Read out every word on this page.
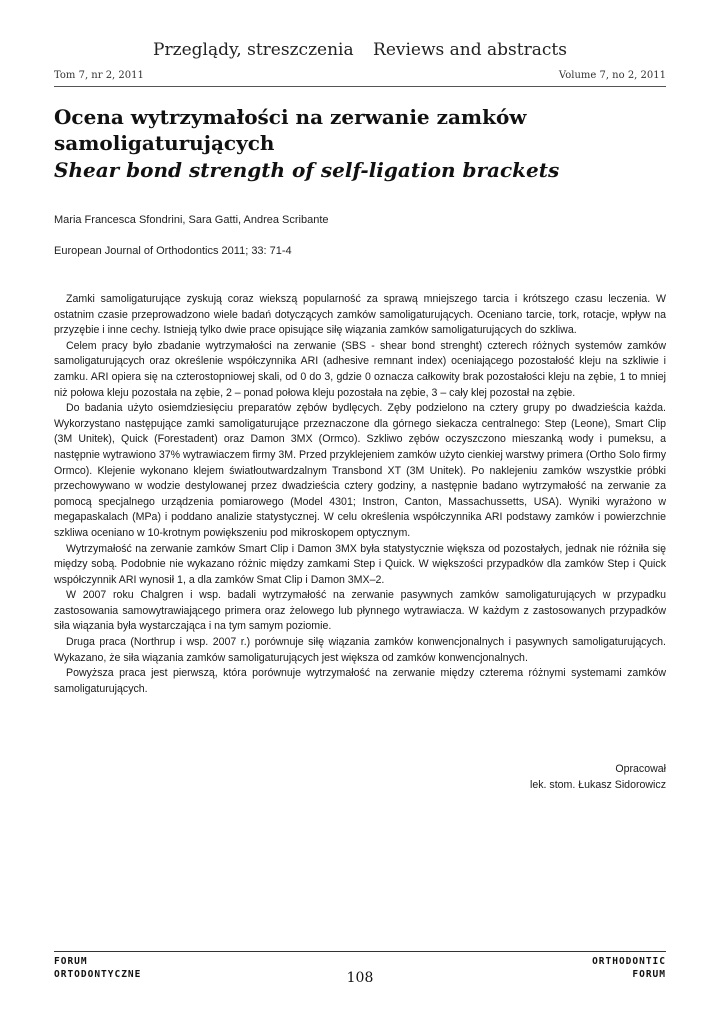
Przeglądy, streszczenia Reviews and abstracts
Tom 7, nr 2, 2011	Volume 7, no 2, 2011
Ocena wytrzymałości na zerwanie zamków
samoligaturujących
Shear bond strength of self-ligation brackets
Maria Francesca Sfondrini, Sara Gatti, Andrea Scribante
European Journal of Orthodontics 2011; 33: 71-4

Zamki samoligaturujące zyskują coraz wiekszą popularność za sprawą mniejszego tarcia i krótszego czasu leczenia. W ostatnim czasie przeprowadzono wiele badań dotyczących zamków samoligaturujących. Oceniano tarcie, tork, rotacje, wpływ na przyzębie i inne cechy. Istnieją tylko dwie prace opisujące siłę wiązania zamków samoligaturujących do szkliwa.

Celem pracy było zbadanie wytrzymałości na zerwanie (SBS - shear bond strenght) czterech różnych systemów zamków samoligaturujących oraz określenie współczynnika ARI (adhesive remnant index) oceniającego pozostałość kleju na szkliwie i zamku. ARI opiera się na czterostopniowej skali, od 0 do 3, gdzie 0 oznacza całkowity brak pozostałości kleju na zębie, 1 to mniej niż połowa kleju pozostała na zębie, 2 – ponad połowa kleju pozostała na zębie, 3 – cały klej pozostał na zębie.

Do badania użyto osiemdziesięciu preparatów zębów bydlęcych. Zęby podzielono na cztery grupy po dwadzieścia każda. Wykorzystano następujące zamki samoligaturujące przeznaczone dla górnego siekacza centralnego: Step (Leone), Smart Clip (3M Unitek), Quick (Forestadent) oraz Damon 3MX (Ormco). Szkliwo zębów oczyszczono mieszanką wody i pumeksu, a następnie wytrawiono 37% wytrawiaczem firmy 3M. Przed przyklejeniem zamków użyto cienkiej warstwy primera (Ortho Solo firmy Ormco). Klejenie wykonano klejem światłoutwardzalnym Transbond XT (3M Unitek). Po naklejeniu zamków wszystkie próbki przechowywano w wodzie destylowanej przez dwadzieścia cztery godziny, a następnie badano wytrzymałość na zerwanie za pomocą specjalnego urządzenia pomiarowego (Model 4301; Instron, Canton, Massachussetts, USA). Wyniki wyrażono w megapaskalach (MPa) i poddano analizie statystycznej. W celu określenia współczynnika ARI podstawy zamków i powierzchnie szkliwa oceniano w 10-krotnym powiększeniu pod mikroskopem optycznym.

Wytrzymałość na zerwanie zamków Smart Clip i Damon 3MX była statystycznie większa od pozostałych, jednak nie różniła się między sobą. Podobnie nie wykazano różnic między zamkami Step i Quick. W większości przypadków dla zamków Step i Quick współczynnik ARI wynosił 1, a dla zamków Smat Clip i Damon 3MX–2.

W 2007 roku Chalgren i wsp. badali wytrzymałość na zerwanie pasywnych zamków samoligaturujących w przypadku zastosowania samowytrawiającego primera oraz żelowego lub płynnego wytrawiacza. W każdym z zastosowanych przypadków siła wiązania była wystarczająca i na tym samym poziomie.

Druga praca (Northrup i wsp. 2007 r.) porównuje siłę wiązania zamków konwencjonalnych i pasywnych samoligaturujących. Wykazano, że siła wiązania zamków samoligaturujących jest większa od zamków konwencjonalnych.

Powyższa praca jest pierwszą, która porównuje wytrzymałość na zerwanie między czterema różnymi systemami zamków samoligaturujących.

Opracował
lek. stom. Łukasz Sidorowicz
FORUM
ORTODONTYCZNE
ORTHODONTIC
FORUM
108
